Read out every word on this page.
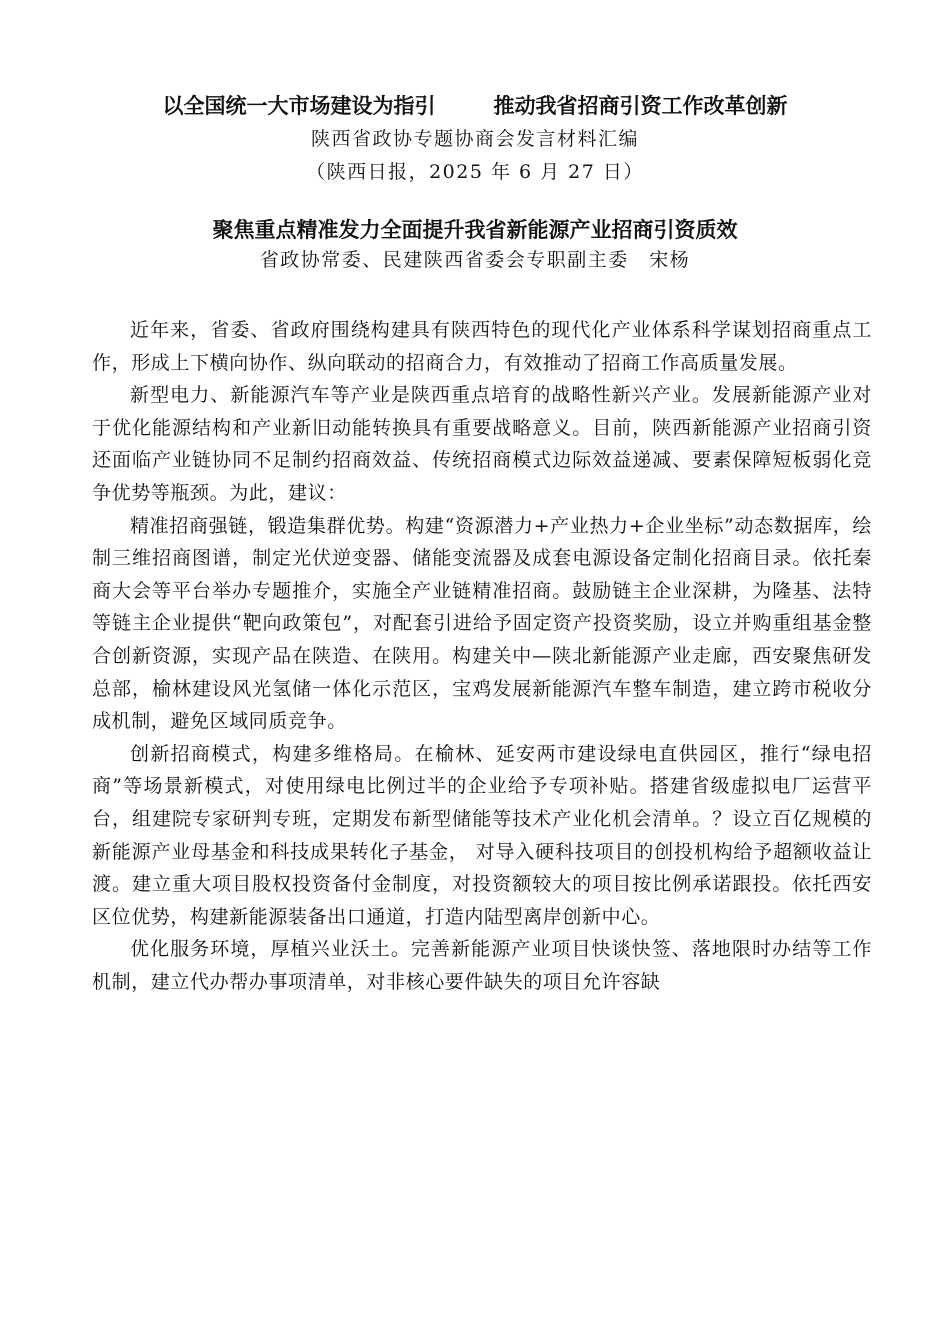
以全国统一大市场建设为指引	推动我省招商引资工作改革创新
陕西省政协专题协商会发言材料汇编
（陕西日报，2025 年 6 月 27 日）
聚焦重点精准发力全面提升我省新能源产业招商引资质效
省政协常委、民建陕西省委会专职副主委　宋杨

近年来，省委、省政府围绕构建具有陕西特色的现代化产业体系科学谋划招商重点工作，形成上下横向协作、纵向联动的招商合力，有效推动了招商工作高质量发展。

新型电力、新能源汽车等产业是陕西重点培育的战略性新兴产业。发展新能源产业对于优化能源结构和产业新旧动能转换具有重要战略意义。目前，陕西新能源产业招商引资还面临产业链协同不足制约招商效益、传统招商模式边际效益递减、要素保障短板弱化竞争优势等瓶颈。为此，建议：

精准招商强链，锻造集群优势。构建“资源潜力+产业热力+企业坐标”动态数据库，绘制三维招商图谱，制定光伏逆变器、储能变流器及成套电源设备定制化招商目录。依托秦商大会等平台举办专题推介，实施全产业链精准招商。鼓励链主企业深耕，为隆基、法特等链主企业提供“靶向政策包”，对配套引进给予固定资产投资奖励，设立并购重组基金整合创新资源，实现产品在陕造、在陕用。构建关中—陕北新能源产业走廊，西安聚焦研发总部，榆林建设风光氢储一体化示范区，宝鸡发展新能源汽车整车制造，建立跨市税收分成机制，避免区域同质竞争。

创新招商模式，构建多维格局。在榆林、延安两市建设绿电直供园区，推行“绿电招商”等场景新模式，对使用绿电比例过半的企业给予专项补贴。搭建省级虚拟电厂运营平台，组建院专家研判专班，定期发布新型储能等技术产业化机会清单。？设立百亿规模的新能源产业母基金和科技成果转化子基金， 对导入硬科技项目的创投机构给予超额收益让渡。建立重大项目股权投资备付金制度，对投资额较大的项目按比例承诺跟投。依托西安区位优势，构建新能源装备出口通道，打造内陆型离岸创新中心。

优化服务环境，厚植兴业沃土。完善新能源产业项目快谈快签、落地限时办结等工作机制，建立代办帮办事项清单，对非核心要件缺失的项目允许容缺
